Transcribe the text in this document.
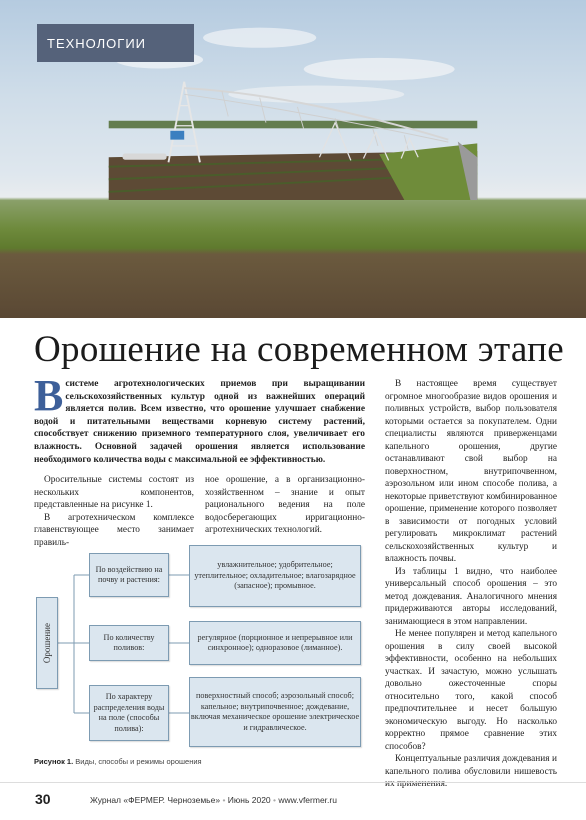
ТЕХНОЛОГИИ
Орошение на современном этапе
В системе агротехнологических приемов при выращивании сельскохозяйственных культур одной из важнейших операций является полив. Всем известно, что орошение улучшает снабжение водой и питательными веществами корневую систему растений, способствует снижению приземного температурного слоя, увеличивает его влажность. Основной задачей орошения является использование необходимого количества воды с максимальной ее эффективностью.

Оросительные системы состоят из нескольких компонентов, представленные на рисунке 1.

В агротехническом комплексе главенствующее место занимает правиль-

ное орошение, а в организационно-хозяйственном – знание и опыт рационального ведения на поле водосберегающих ирригационно-агротехнических технологий.

В настоящее время существует огромное многообразие видов орошения и поливных устройств, выбор пользователя которыми остается за покупателем. Одни специалисты являются приверженцами капельного орошения, другие останавливают свой выбор на поверхностном, внутрипочвенном, аэрозольном или ином способе полива, а некоторые приветствуют комбинированное орошение, применение которого позволяет в зависимости от погодных условий регулировать микроклимат растений сельскохозяйственных культур и влажность почвы.

Из таблицы 1 видно, что наиболее универсальный способ орошения – это метод дождевания. Аналогичного мнения придерживаются авторы исследований, занимающиеся в этом направлении.

Не менее популярен и метод капельного орошения в силу своей высокой эффективности, особенно на небольших участках. И зачастую, можно услышать довольно ожесточенные споры относительно того, какой способ предпочтительнее и несет большую экономическую выгоду. Но насколько корректно прямое сравнение этих способов?

Концептуальные различия дождевания и капельного полива обусловили нишевость их применения.

Орошение
По воздействию на почву и растения:
увлажнительное; удобрительное; утеплительное; охладительное; влагозарядное (запасное); промывное.
По количеству поливов:
регулярное (порционное и непрерывное или синхронное); одноразовое (лиманное).
По характеру распределения воды на поле (способы полива):
поверхностный способ; аэрозольный способ; капельное; внутрипочвенное; дождевание, включая механическое орошение электрическое и гидравлическое.
Рисунок 1. Виды, способы и режимы орошения
30	Журнал «ФЕРМЕР. Черноземье» • Июнь 2020 • www.vfermer.ru
